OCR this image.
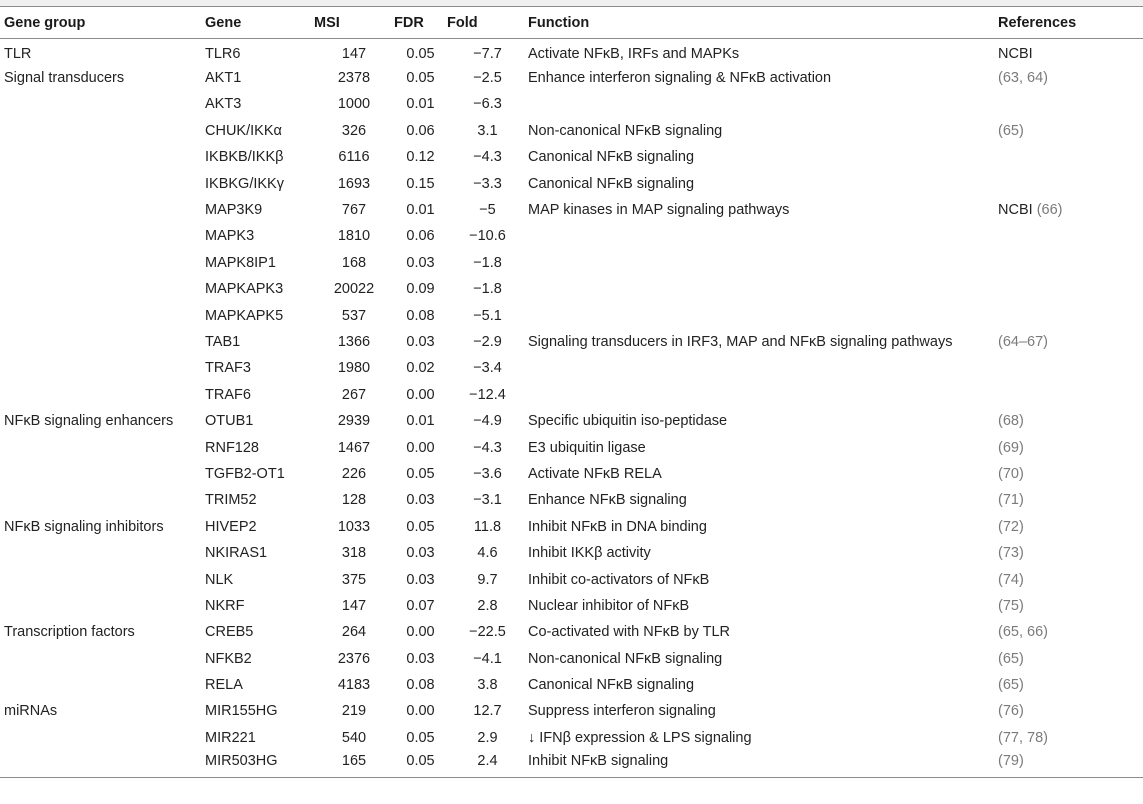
Gene group	Gene	MSI	FDR	Fold	Function	References
TLR	TLR6	147	0.05	−7.7	Activate NFκB, IRFs and MAPKs	NCBI
Signal transducers	AKT1	2378	0.05	−2.5	Enhance interferon signaling & NFκB activation	(63, 64)
	AKT3	1000	0.01	−6.3		
	CHUK/IKKα	326	0.06	3.1	Non-canonical NFκB signaling	(65)
	IKBKB/IKKβ	6116	0.12	−4.3	Canonical NFκB signaling	
	IKBKG/IKKγ	1693	0.15	−3.3	Canonical NFκB signaling	
	MAP3K9	767	0.01	−5	MAP kinases in MAP signaling pathways	NCBI (66)
	MAPK3	1810	0.06	−10.6		
	MAPK8IP1	168	0.03	−1.8		
	MAPKAPK3	20022	0.09	−1.8		
	MAPKAPK5	537	0.08	−5.1		
	TAB1	1366	0.03	−2.9	Signaling transducers in IRF3, MAP and NFκB signaling pathways	(64–67)
	TRAF3	1980	0.02	−3.4		
	TRAF6	267	0.00	−12.4		
NFκB signaling enhancers	OTUB1	2939	0.01	−4.9	Specific ubiquitin iso-peptidase	(68)
	RNF128	1467	0.00	−4.3	E3 ubiquitin ligase	(69)
	TGFB2-OT1	226	0.05	−3.6	Activate NFκB RELA	(70)
	TRIM52	128	0.03	−3.1	Enhance NFκB signaling	(71)
NFκB signaling inhibitors	HIVEP2	1033	0.05	11.8	Inhibit NFκB in DNA binding	(72)
	NKIRAS1	318	0.03	4.6	Inhibit IKKβ activity	(73)
	NLK	375	0.03	9.7	Inhibit co-activators of NFκB	(74)
	NKRF	147	0.07	2.8	Nuclear inhibitor of NFκB	(75)
Transcription factors	CREB5	264	0.00	−22.5	Co-activated with NFκB by TLR	(65, 66)
	NFKB2	2376	0.03	−4.1	Non-canonical NFκB signaling	(65)
	RELA	4183	0.08	3.8	Canonical NFκB signaling	(65)
miRNAs	MIR155HG	219	0.00	12.7	Suppress interferon signaling	(76)
	MIR221	540	0.05	2.9	↓ IFNβ expression & LPS signaling	(77, 78)
	MIR503HG	165	0.05	2.4	Inhibit NFκB signaling	(79)
